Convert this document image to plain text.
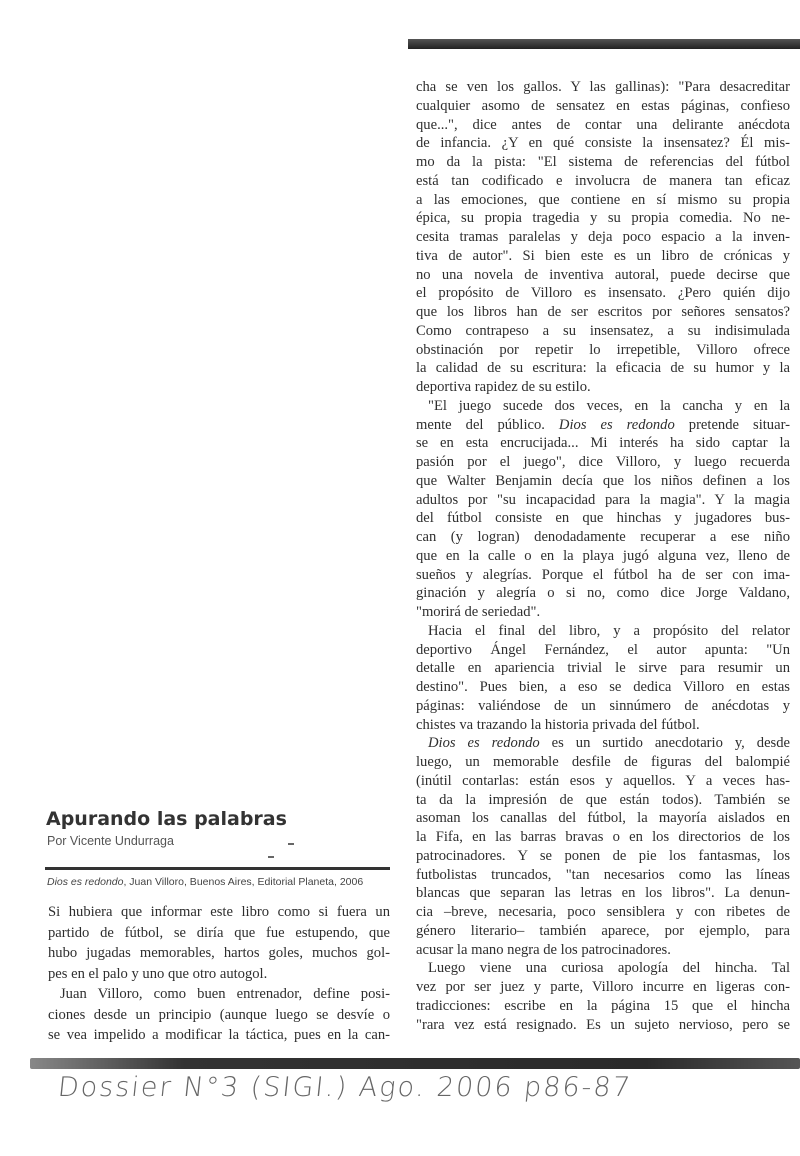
cha se ven los gallos. Y las gallinas): "Para desacreditar
cualquier asomo de sensatez en estas páginas, confieso
que...", dice antes de contar una delirante anécdota
de infancia. ¿Y en qué consiste la insensatez? Él mis-
mo da la pista: "El sistema de referencias del fútbol
está tan codificado e involucra de manera tan eficaz
a las emociones, que contiene en sí mismo su propia
épica, su propia tragedia y su propia comedia. No ne-
cesita tramas paralelas y deja poco espacio a la inven-
tiva de autor". Si bien este es un libro de crónicas y
no una novela de inventiva autoral, puede decirse que
el propósito de Villoro es insensato. ¿Pero quién dijo
que los libros han de ser escritos por señores sensatos?
Como contrapeso a su insensatez, a su indisimulada
obstinación por repetir lo irrepetible, Villoro ofrece
la calidad de su escritura: la eficacia de su humor y la
deportiva rapidez de su estilo.
"El juego sucede dos veces, en la cancha y en la
mente del público. Dios es redondo pretende situar-
se en esta encrucijada... Mi interés ha sido captar la
pasión por el juego", dice Villoro, y luego recuerda
que Walter Benjamin decía que los niños definen a los
adultos por "su incapacidad para la magia". Y la magia
del fútbol consiste en que hinchas y jugadores bus-
can (y logran) denodadamente recuperar a ese niño
que en la calle o en la playa jugó alguna vez, lleno de
sueños y alegrías. Porque el fútbol ha de ser con ima-
ginación y alegría o si no, como dice Jorge Valdano,
"morirá de seriedad".
Hacia el final del libro, y a propósito del relator
deportivo Ángel Fernández, el autor apunta: "Un
detalle en apariencia trivial le sirve para resumir un
destino". Pues bien, a eso se dedica Villoro en estas
páginas: valiéndose de un sinnúmero de anécdotas y
chistes va trazando la historia privada del fútbol.
Dios es redondo es un surtido anecdotario y, desde
luego, un memorable desfile de figuras del balompié
(inútil contarlas: están esos y aquellos. Y a veces has-
ta da la impresión de que están todos). También se
asoman los canallas del fútbol, la mayoría aislados en
la Fifa, en las barras bravas o en los directorios de los
patrocinadores. Y se ponen de pie los fantasmas, los
futbolistas truncados, "tan necesarios como las líneas
blancas que separan las letras en los libros". La denun-
cia –breve, necesaria, poco sensiblera y con ribetes de
género literario– también aparece, por ejemplo, para
acusar la mano negra de los patrocinadores.
Luego viene una curiosa apología del hincha. Tal
vez por ser juez y parte, Villoro incurre en ligeras con-
tradicciones: escribe en la página 15 que el hincha
"rara vez está resignado. Es un sujeto nervioso, pero se
Apurando las palabras
Por Vicente Undurraga
Dios es redondo, Juan Villoro, Buenos Aires, Editorial Planeta, 2006
Si hubiera que informar este libro como si fuera un
partido de fútbol, se diría que fue estupendo, que
hubo jugadas memorables, hartos goles, muchos gol-
pes en el palo y uno que otro autogol.
Juan Villoro, como buen entrenador, define posi-
ciones desde un principio (aunque luego se desvíe o
se vea impelido a modificar la táctica, pues en la can-
Dossier N°3 (SIGI.) Ago. 2006 p86-87
